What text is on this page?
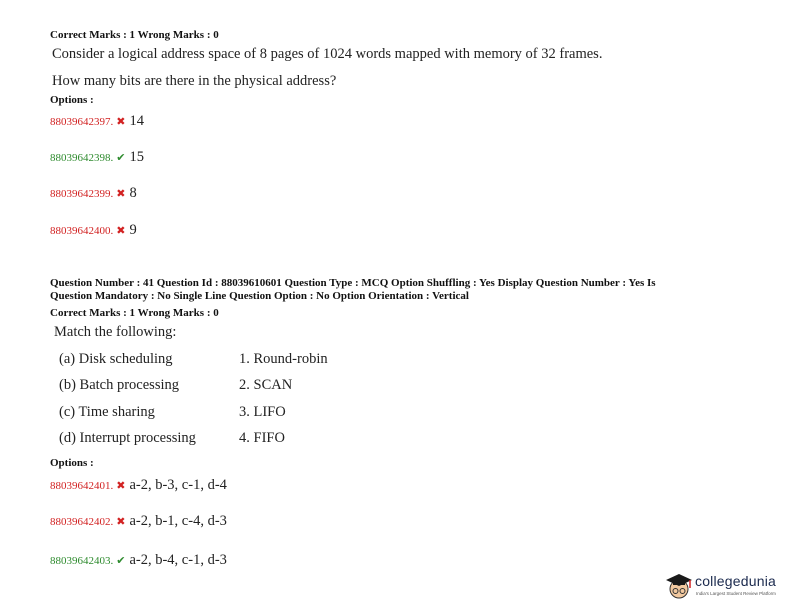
Correct Marks : 1 Wrong Marks : 0
Consider a logical address space of 8 pages of 1024 words mapped with memory of 32 frames.
How many bits are there in the physical address?
Options :
88039642397. ✖ 14
88039642398. ✔ 15
88039642399. ✖ 8
88039642400. ✖ 9
Question Number : 41 Question Id : 88039610601 Question Type : MCQ Option Shuffling : Yes Display Question Number : Yes Is
Question Mandatory : No Single Line Question Option : No Option Orientation : Vertical
Correct Marks : 1 Wrong Marks : 0
Match the following:
(a) Disk scheduling
(b) Batch processing
(c) Time sharing
(d) Interrupt processing
1. Round-robin
2. SCAN
3. LIFO
4. FIFO
Options :
88039642401. ✖ a-2, b-3, c-1, d-4
88039642402. ✖ a-2, b-1, c-4, d-3
88039642403. ✔ a-2, b-4, c-1, d-3
collegedunia
India's Largest Student Review Platform
